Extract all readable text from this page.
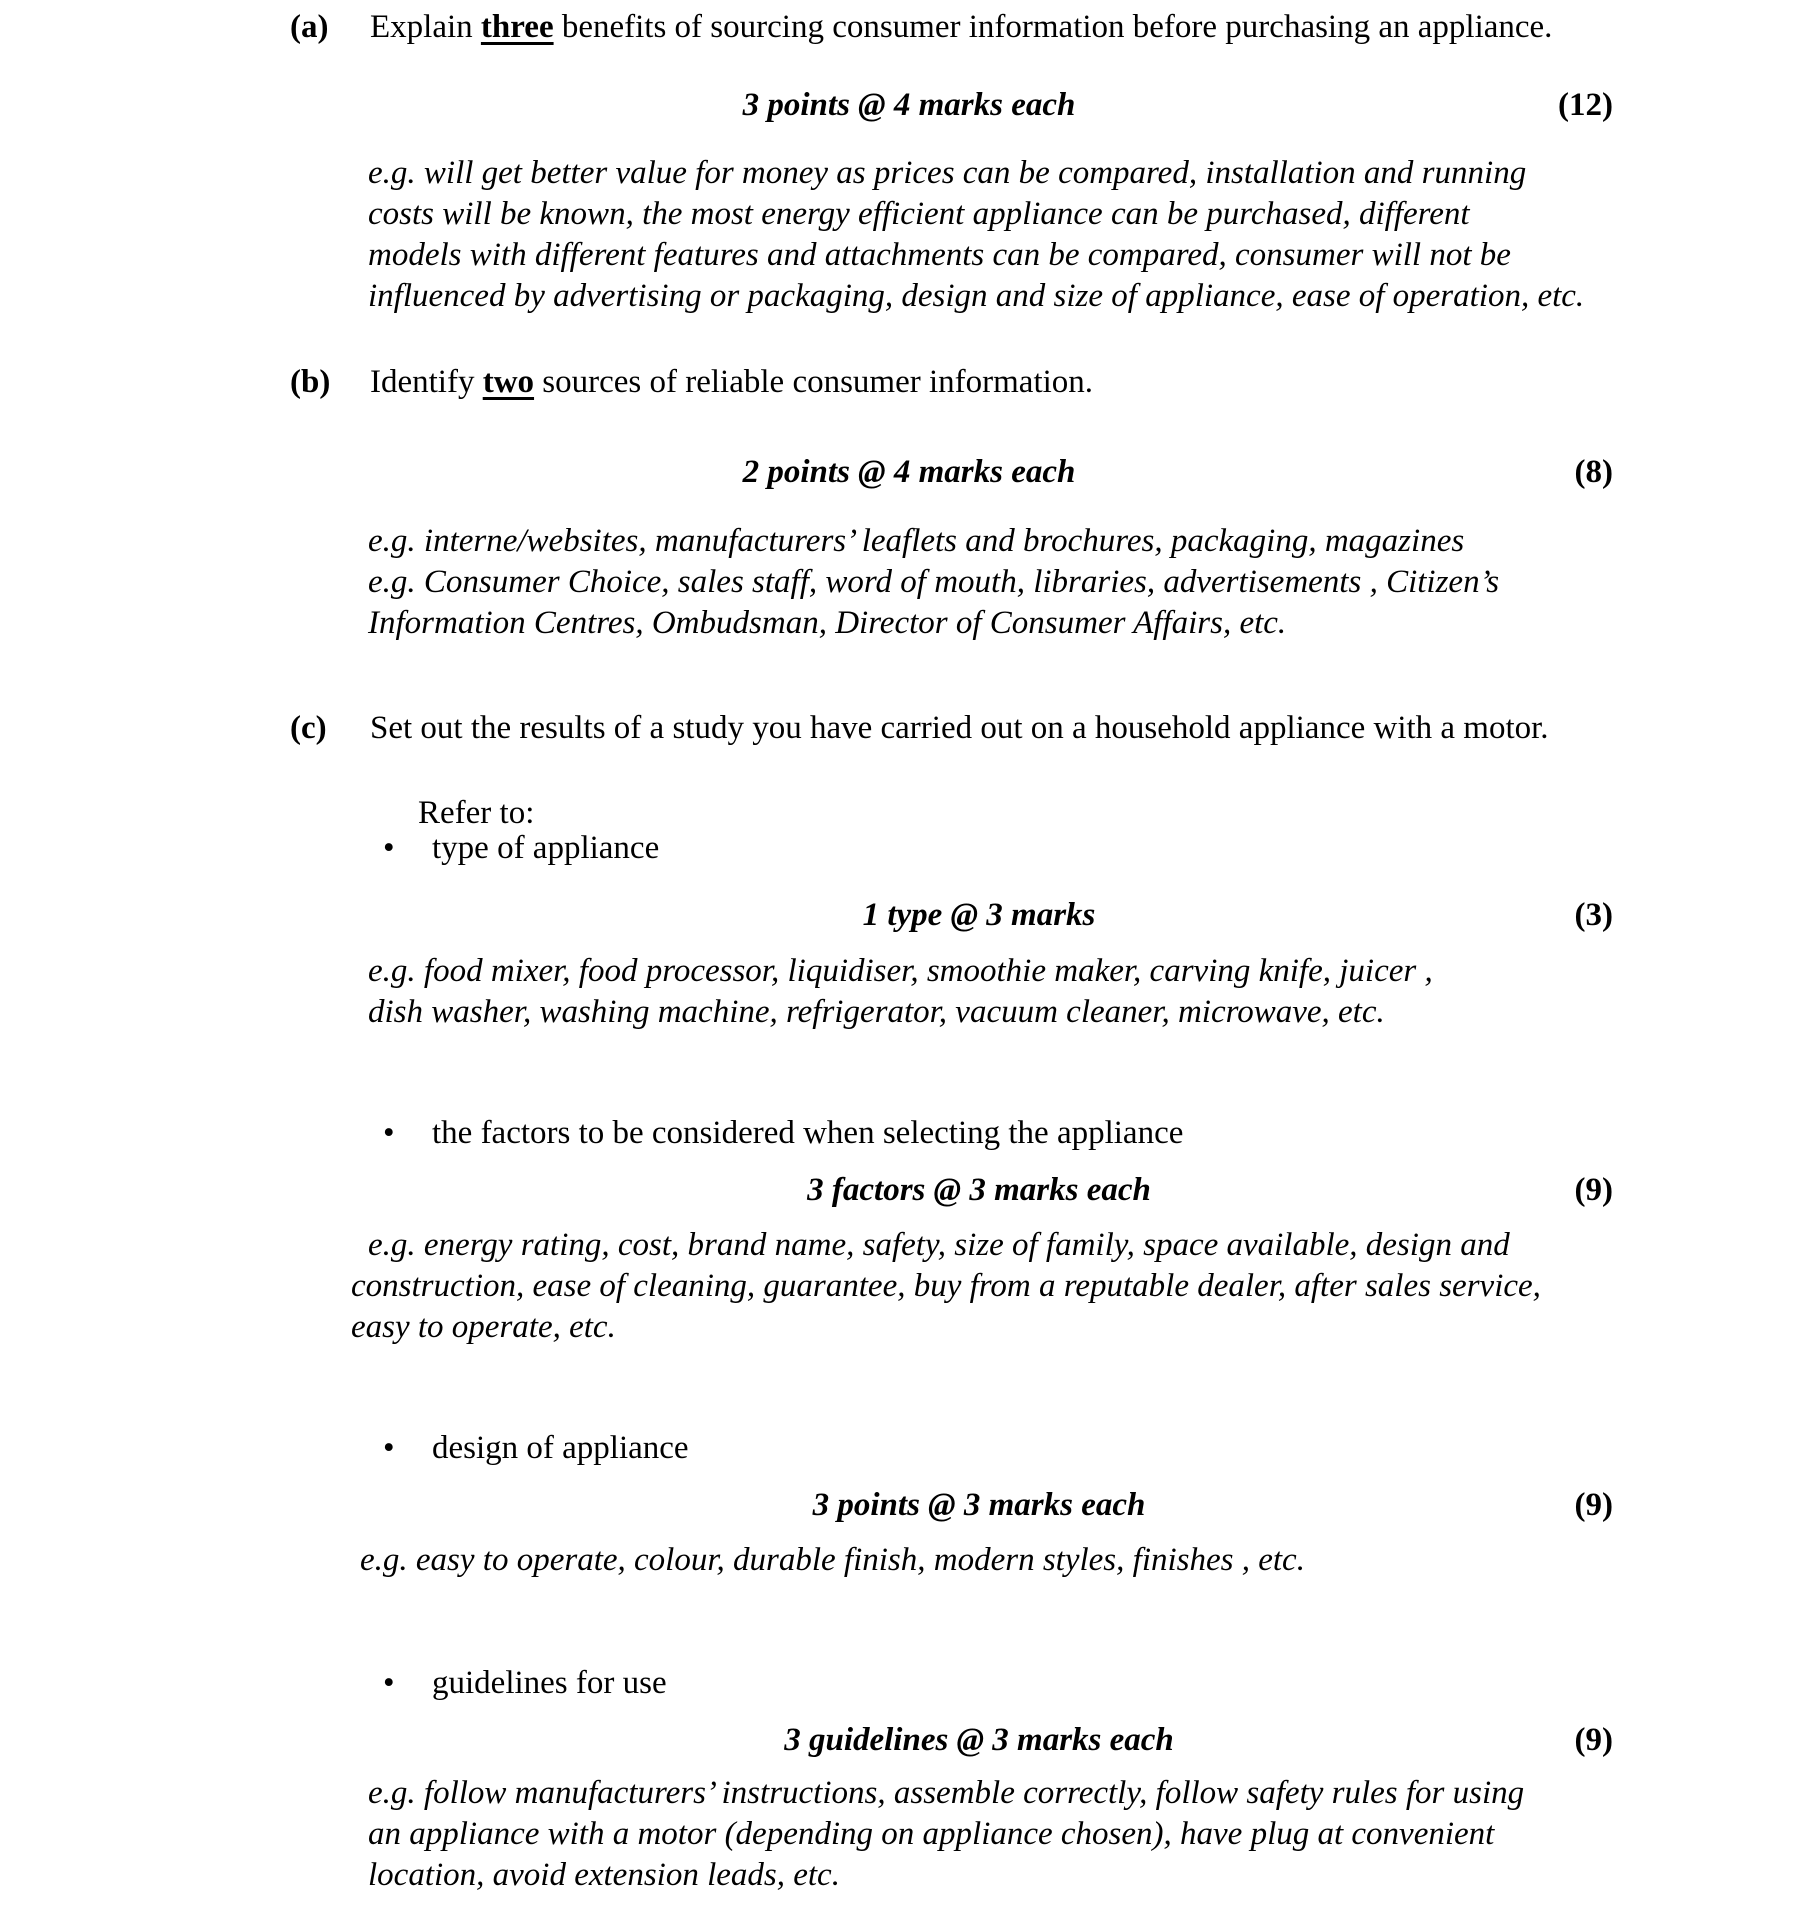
(a) Explain three benefits of sourcing consumer information before purchasing an appliance.
3 points @ 4 marks each	(12)
e.g. will get better value for money as prices can be compared, installation and running
costs will be known, the most energy efficient appliance can be purchased, different
models with different features and attachments can be compared, consumer will not be
influenced by advertising or packaging, design and size of appliance, ease of operation, etc.
(b) Identify two sources of reliable consumer information.
2 points @ 4 marks each	(8)
e.g. interne/websites, manufacturers’ leaflets and brochures, packaging, magazines
e.g. Consumer Choice, sales staff, word of mouth, libraries, advertisements , Citizen’s
Information Centres, Ombudsman, Director of Consumer Affairs, etc.
(c) Set out the results of a study you have carried out on a household appliance with a motor.
Refer to:
•	type of appliance
1 type @ 3 marks	(3)
e.g. food mixer, food processor, liquidiser, smoothie maker, carving knife, juicer ,
dish washer, washing machine, refrigerator, vacuum cleaner, microwave, etc.
•	the factors to be considered when selecting the appliance
3 factors @ 3 marks each	(9)
e.g. energy rating, cost, brand name, safety, size of family, space available, design and
construction, ease of cleaning, guarantee, buy from a reputable dealer, after sales service,
easy to operate, etc.
•	design of appliance
3 points @ 3 marks each	(9)
e.g. easy to operate, colour, durable finish, modern styles, finishes , etc.
•	guidelines for use
3 guidelines @ 3 marks each	(9)
e.g. follow manufacturers’ instructions, assemble correctly, follow safety rules for using
an appliance with a motor (depending on appliance chosen), have plug at convenient
location, avoid extension leads, etc.
